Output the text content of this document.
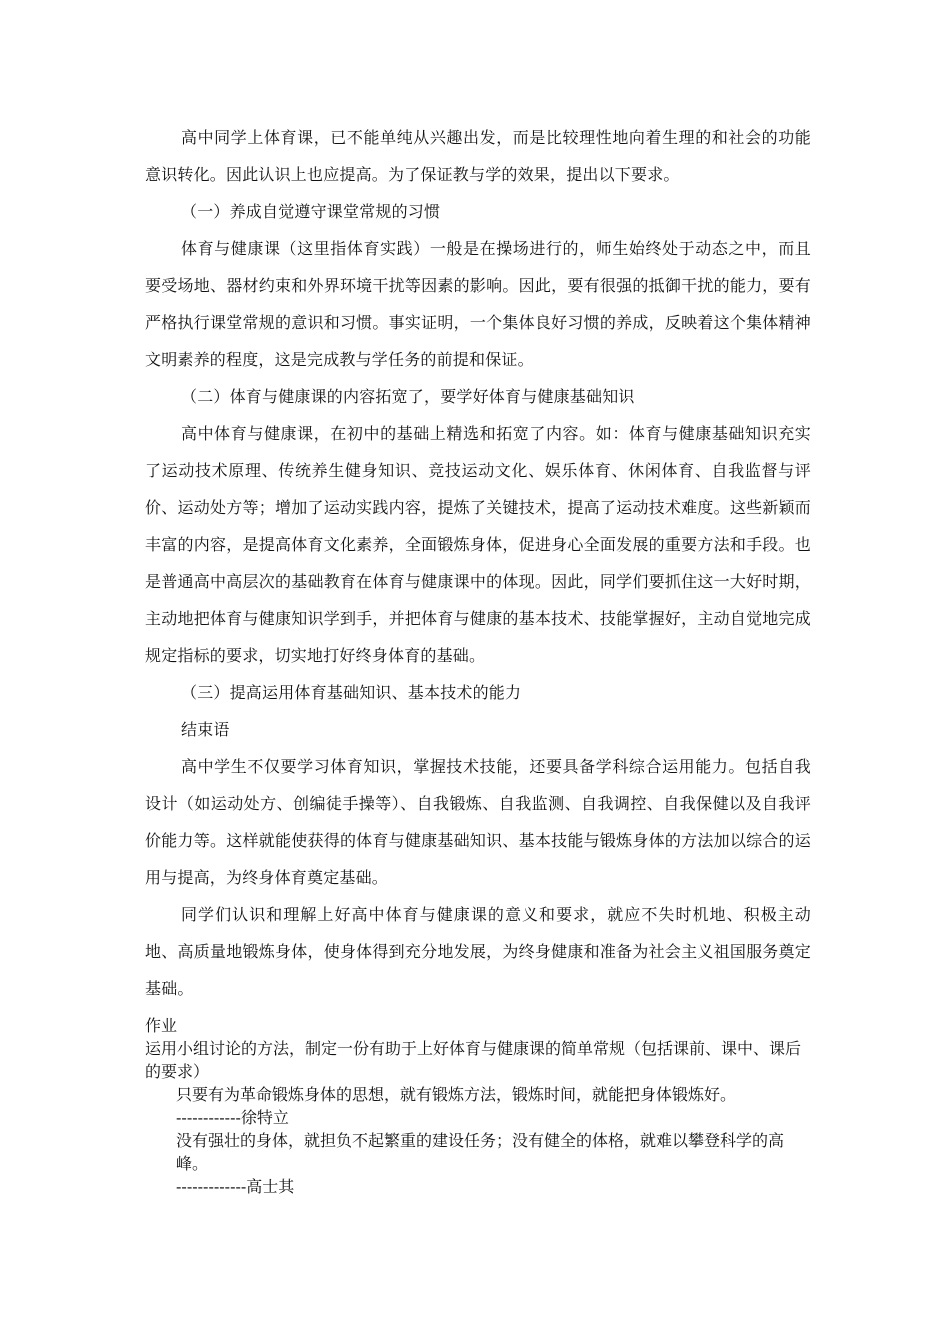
高中同学上体育课，已不能单纯从兴趣出发，而是比较理性地向着生理的和社会的功能意识转化。因此认识上也应提高。为了保证教与学的效果，提出以下要求。

（一）养成自觉遵守课堂常规的习惯

体育与健康课（这里指体育实践）一般是在操场进行的，师生始终处于动态之中，而且要受场地、器材约束和外界环境干扰等因素的影响。因此，要有很强的抵御干扰的能力，要有严格执行课堂常规的意识和习惯。事实证明，一个集体良好习惯的养成，反映着这个集体精神文明素养的程度，这是完成教与学任务的前提和保证。

（二）体育与健康课的内容拓宽了，要学好体育与健康基础知识

高中体育与健康课，在初中的基础上精选和拓宽了内容。如：体育与健康基础知识充实了运动技术原理、传统养生健身知识、竞技运动文化、娱乐体育、休闲体育、自我监督与评价、运动处方等；增加了运动实践内容，提炼了关键技术，提高了运动技术难度。这些新颖而丰富的内容，是提高体育文化素养，全面锻炼身体，促进身心全面发展的重要方法和手段。也是普通高中高层次的基础教育在体育与健康课中的体现。因此，同学们要抓住这一大好时期，主动地把体育与健康知识学到手，并把体育与健康的基本技术、技能掌握好，主动自觉地完成规定指标的要求，切实地打好终身体育的基础。

（三）提高运用体育基础知识、基本技术的能力

结束语

高中学生不仅要学习体育知识，掌握技术技能，还要具备学科综合运用能力。包括自我设计（如运动处方、创编徒手操等）、自我锻炼、自我监测、自我调控、自我保健以及自我评价能力等。这样就能使获得的体育与健康基础知识、基本技能与锻炼身体的方法加以综合的运用与提高，为终身体育奠定基础。

同学们认识和理解上好高中体育与健康课的意义和要求，就应不失时机地、积极主动地、高质量地锻炼身体，使身体得到充分地发展，为终身健康和准备为社会主义祖国服务奠定基础。

作业

运用小组讨论的方法，制定一份有助于上好体育与健康课的简单常规（包括课前、课中、课后的要求）

只要有为革命锻炼身体的思想，就有锻炼方法，锻炼时间，就能把身体锻炼好。

------------徐特立

没有强壮的身体，就担负不起繁重的建设任务；没有健全的体格，就难以攀登科学的高峰。

-------------高士其
